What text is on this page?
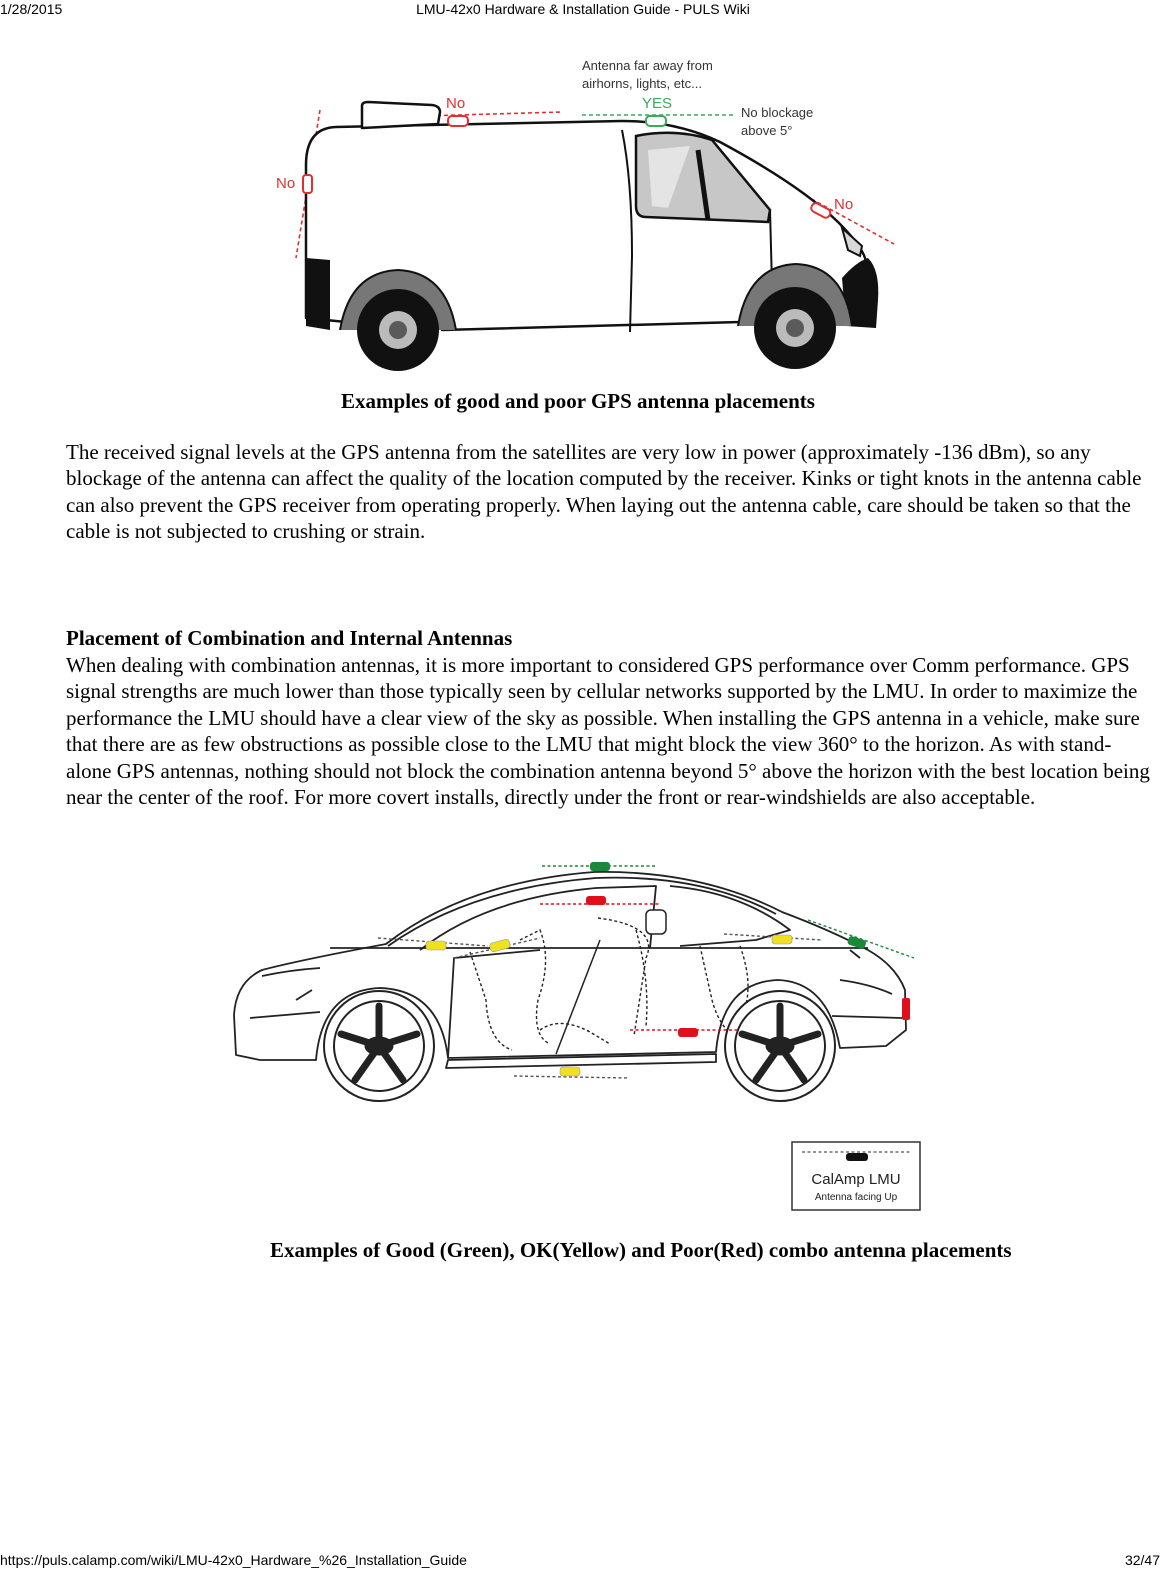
1/28/2015	LMU-42x0 Hardware & Installation Guide - PULS Wiki
No
No
No
YES
Antenna far away from
airhorns, lights, etc...
No blockage
above 5°
Examples of good and poor GPS antenna placements
The received signal levels at the GPS antenna from the satellites are very low in power (approximately -136 dBm), so any blockage of the antenna can affect the quality of the location computed by the receiver. Kinks or tight knots in the antenna cable can also prevent the GPS receiver from operating properly. When laying out the antenna cable, care should be taken so that the cable is not subjected to crushing or strain.
Placement of Combination and Internal Antennas
When dealing with combination antennas, it is more important to considered GPS performance over Comm performance. GPS signal strengths are much lower than those typically seen by cellular networks supported by the LMU. In order to maximize the performance the LMU should have a clear view of the sky as possible. When installing the GPS antenna in a vehicle, make sure that there are as few obstructions as possible close to the LMU that might block the view 360° to the horizon. As with stand-alone GPS antennas, nothing should not block the combination antenna beyond 5° above the horizon with the best location being near the center of the roof. For more covert installs, directly under the front or rear-windshields are also acceptable.
CalAmp LMU
Antenna facing Up
Examples of Good (Green), OK(Yellow) and Poor(Red) combo antenna placements
https://puls.calamp.com/wiki/LMU-42x0_Hardware_%26_Installation_Guide	32/47
